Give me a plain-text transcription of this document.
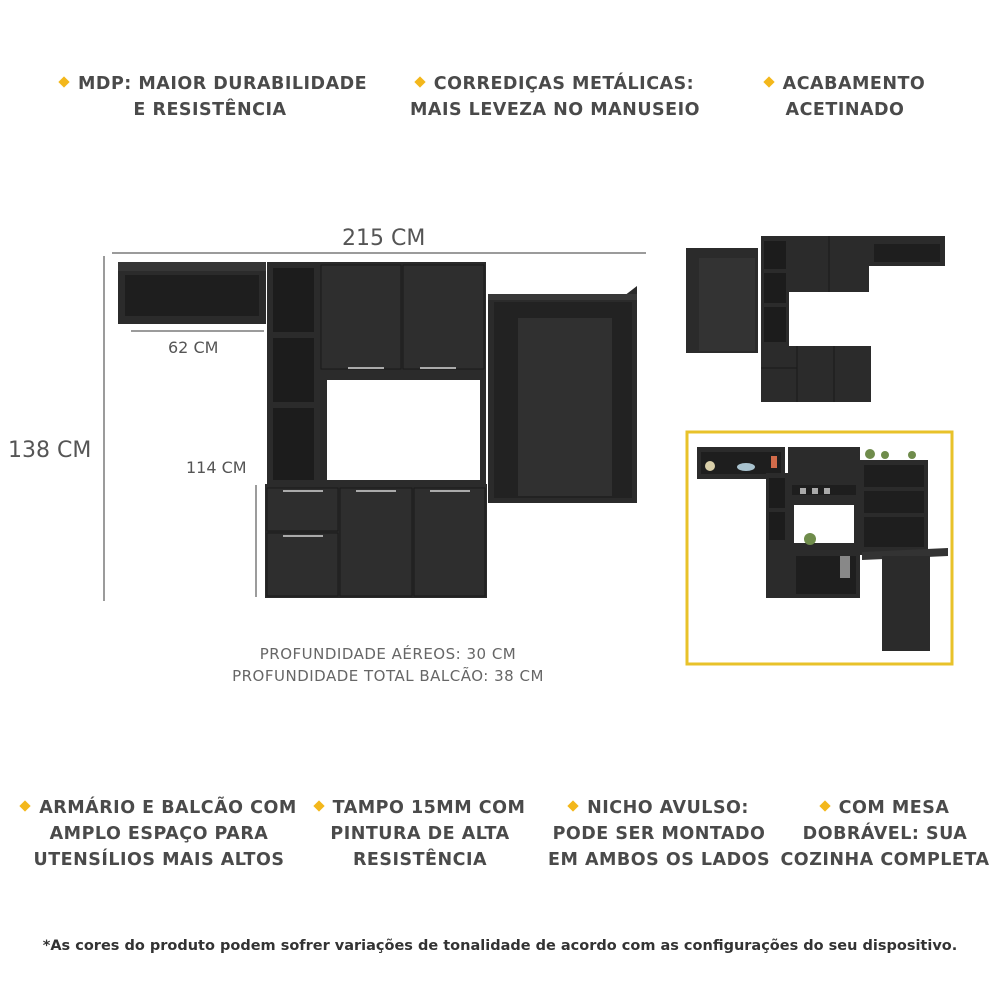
MDP: MAIOR DURABILIDADE
E RESISTÊNCIA
CORREDIÇAS METÁLICAS:
MAIS LEVEZA NO MANUSEIO
ACABAMENTO
ACETINADO
215 CM
138 CM
62 CM
114 CM
PROFUNDIDADE AÉREOS: 30 CM
PROFUNDIDADE TOTAL BALCÃO: 38 CM
ARMÁRIO E BALCÃO COM
AMPLO ESPAÇO PARA
UTENSÍLIOS MAIS ALTOS
TAMPO 15MM COM
PINTURA DE ALTA
RESISTÊNCIA
NICHO AVULSO:
PODE SER MONTADO
EM AMBOS OS LADOS
COM MESA
DOBRÁVEL: SUA
COZINHA COMPLETA
*As cores do produto podem sofrer variações de tonalidade de acordo com as configurações do seu dispositivo.
